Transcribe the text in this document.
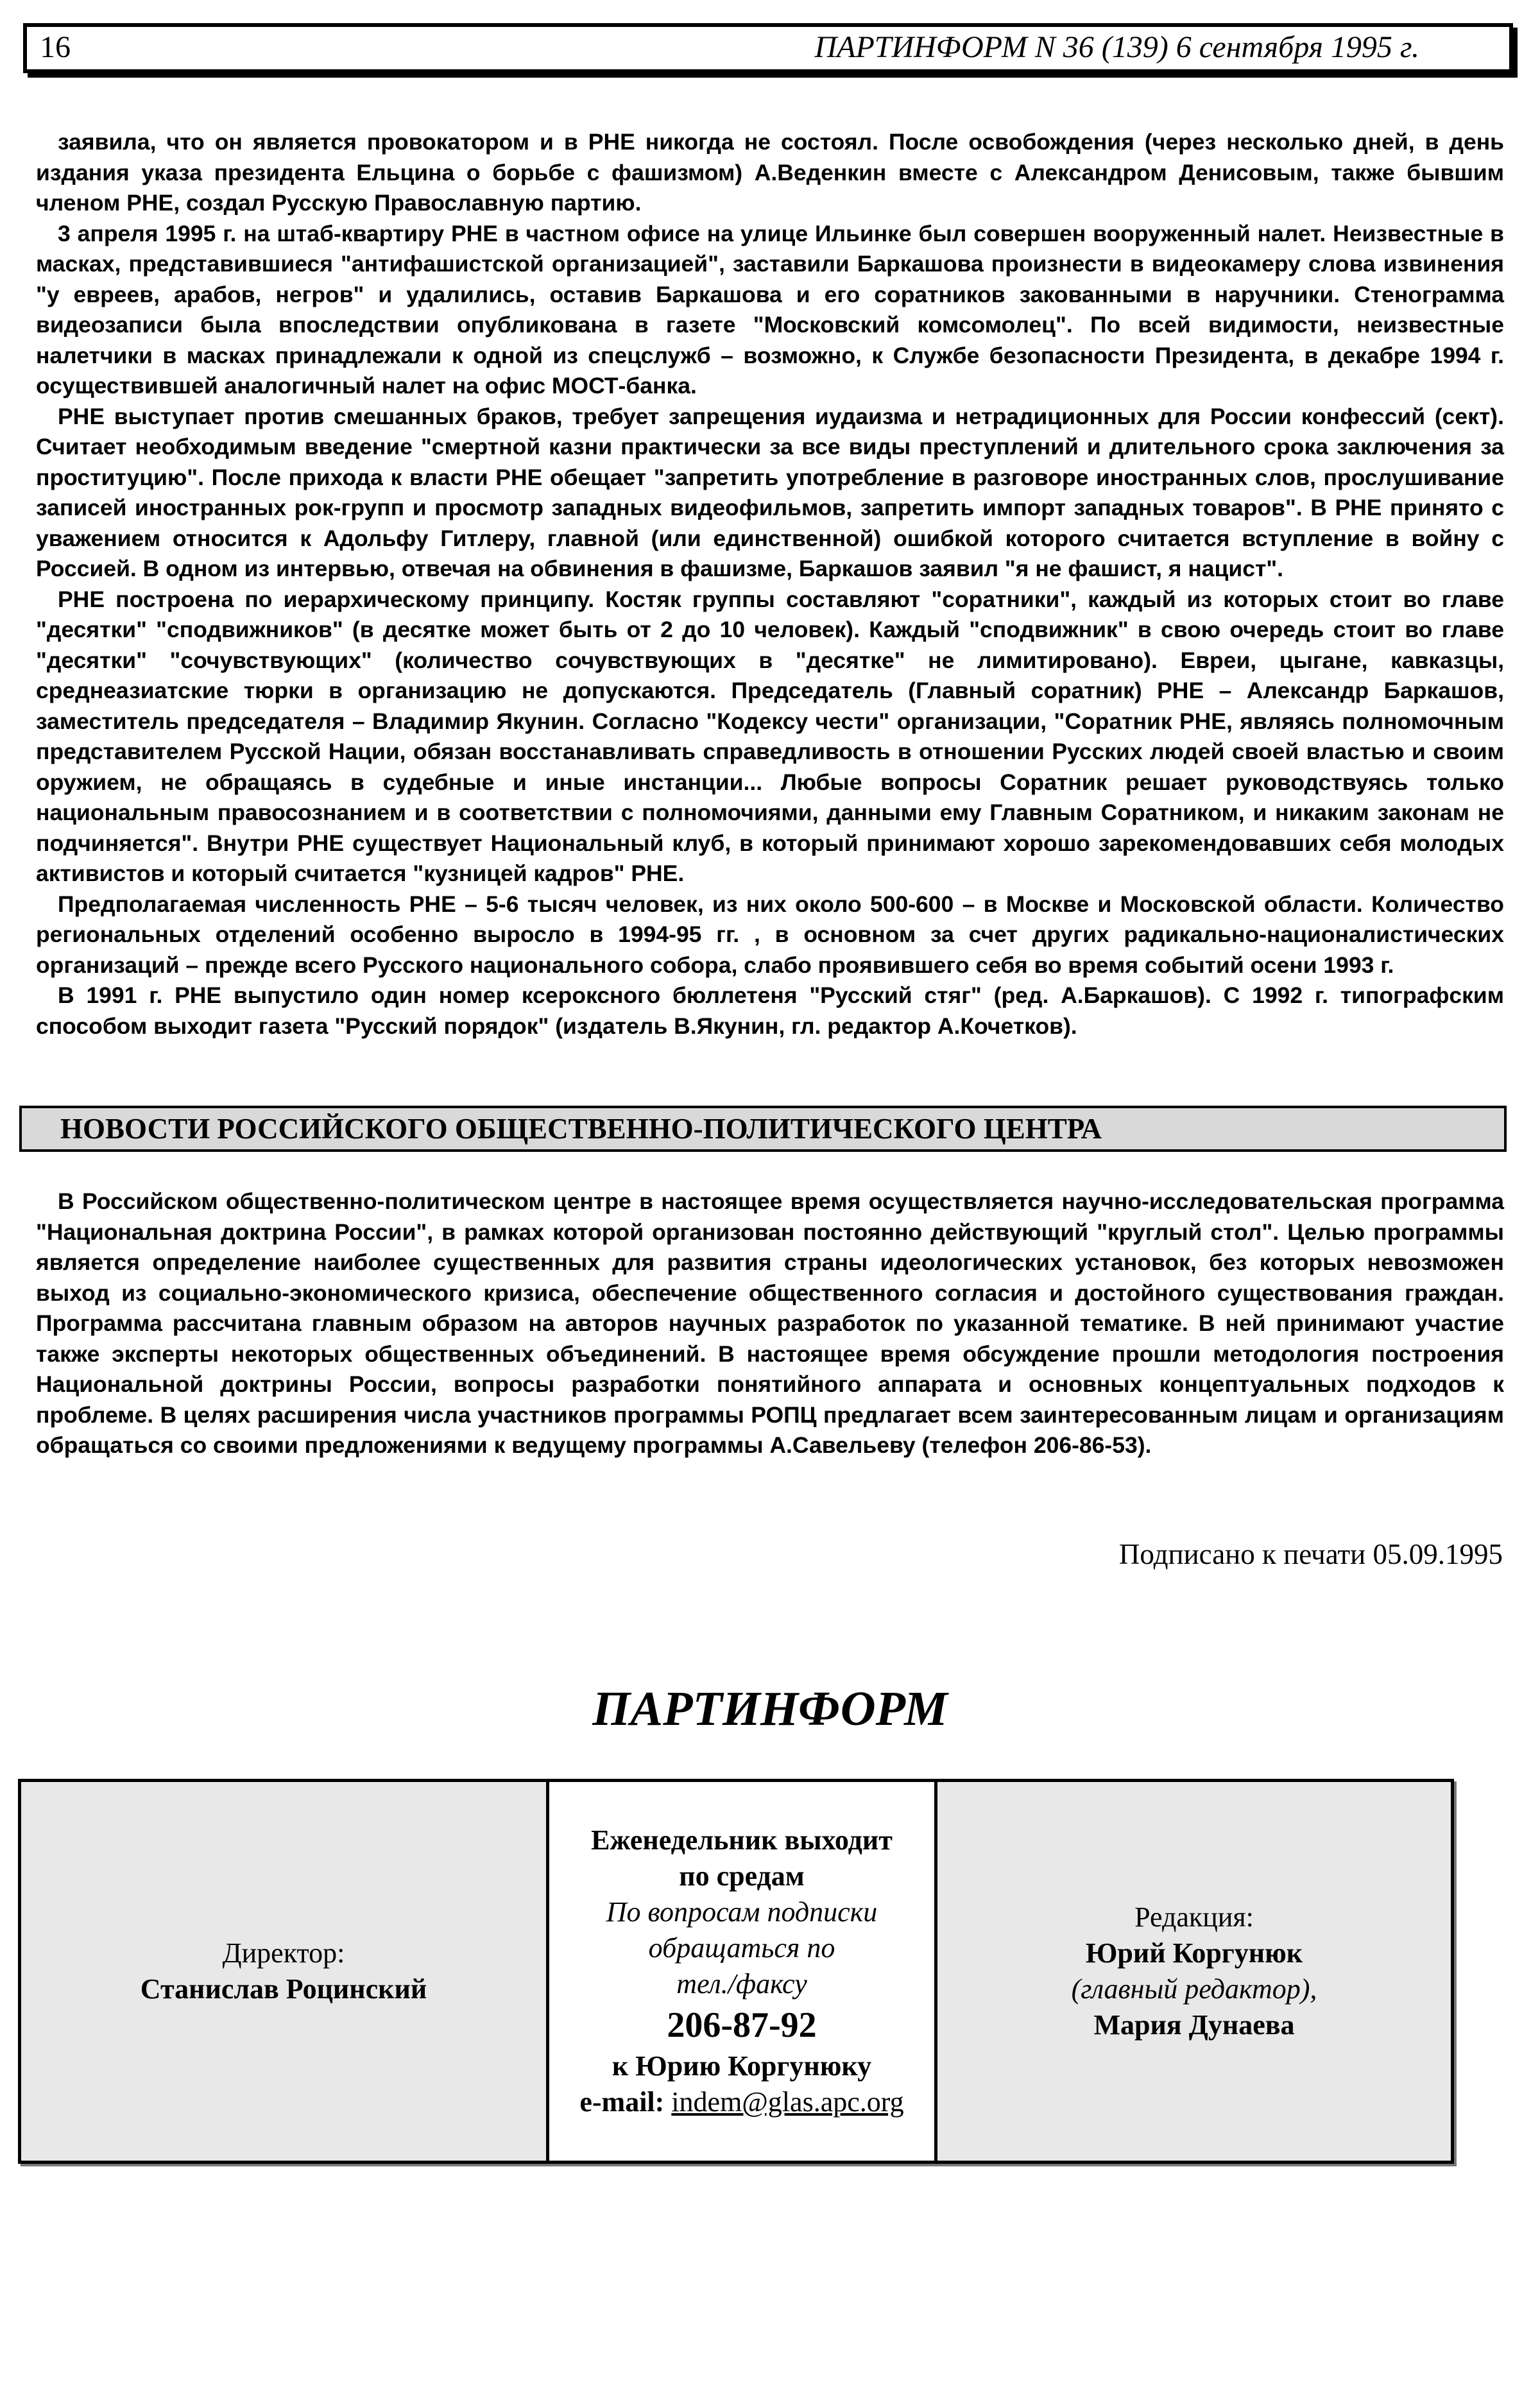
16	ПАРТИНФОРМ N 36 (139) 6 сентября 1995 г.

заявила, что он является провокатором и в РНЕ никогда не состоял. После освобождения (через несколько дней, в день издания указа президента Ельцина о борьбе с фашизмом) А.Веденкин вместе с Александром Денисовым, также бывшим членом РНЕ, создал Русскую Православную партию.

3 апреля 1995 г. на штаб-квартиру РНЕ в частном офисе на улице Ильинке был совершен вооруженный налет. Неизвестные в масках, представившиеся "антифашистской организацией", заставили Баркашова произнести в видеокамеру слова извинения "у евреев, арабов, негров" и удалились, оставив Баркашова и его соратников закованными в наручники. Стенограмма видеозаписи была впоследствии опубликована в газете "Московский комсомолец". По всей видимости, неизвестные налетчики в масках принадлежали к одной из спецслужб – возможно, к Службе безопасности Президента, в декабре 1994 г. осуществившей аналогичный налет на офис МОСТ-банка.

РНЕ выступает против смешанных браков, требует запрещения иудаизма и нетрадиционных для России конфессий (сект). Считает необходимым введение "смертной казни практически за все виды преступлений и длительного срока заключения за проституцию". После прихода к власти РНЕ обещает "запретить употребление в разговоре иностранных слов, прослушивание записей иностранных рок-групп и просмотр западных видеофильмов, запретить импорт западных товаров". В РНЕ принято с уважением относится к Адольфу Гитлеру, главной (или единственной) ошибкой которого считается вступление в войну с Россией. В одном из интервью, отвечая на обвинения в фашизме, Баркашов заявил "я не фашист, я нацист".

РНЕ построена по иерархическому принципу. Костяк группы составляют "соратники", каждый из которых стоит во главе "десятки" "сподвижников" (в десятке может быть от 2 до 10 человек). Каждый "сподвижник" в свою очередь стоит во главе "десятки" "сочувствующих" (количество сочувствующих в "десятке" не лимитировано). Евреи, цыгане, кавказцы, среднеазиатские тюрки в организацию не допускаются. Председатель (Главный соратник) РНЕ – Александр Баркашов, заместитель председателя – Владимир Якунин. Согласно "Кодексу чести" организации, "Соратник РНЕ, являясь полномочным представителем Русской Нации, обязан восстанавливать справедливость в отношении Русских людей своей властью и своим оружием, не обращаясь в судебные и иные инстанции... Любые вопросы Соратник решает руководствуясь только национальным правосознанием и в соответствии с полномочиями, данными ему Главным Соратником, и никаким законам не подчиняется". Внутри РНЕ существует Национальный клуб, в который принимают хорошо зарекомендовавших себя молодых активистов и который считается "кузницей кадров" РНЕ.

Предполагаемая численность РНЕ – 5-6 тысяч человек, из них около 500-600 – в Москве и Московской области. Количество региональных отделений особенно выросло в 1994-95 гг. , в основном за счет других радикально-националистических организаций – прежде всего Русского национального собора, слабо проявившего себя во время событий осени 1993 г.

В 1991 г. РНЕ выпустило один номер ксероксного бюллетеня "Русский стяг" (ред. А.Баркашов). С 1992 г. типографским способом выходит газета "Русский порядок" (издатель В.Якунин, гл. редактор А.Кочетков).

НОВОСТИ РОССИЙСКОГО ОБЩЕСТВЕННО-ПОЛИТИЧЕСКОГО ЦЕНТРА

В Российском общественно-политическом центре в настоящее время осуществляется научно-исследовательская программа "Национальная доктрина России", в рамках которой организован постоянно действующий "круглый стол". Целью программы является определение наиболее существенных для развития страны идеологических установок, без которых невозможен выход из социально-экономического кризиса, обеспечение общественного согласия и достойного существования граждан. Программа рассчитана главным образом на авторов научных разработок по указанной тематике. В ней принимают участие также эксперты некоторых общественных объединений. В настоящее время обсуждение прошли методология построения Национальной доктрины России, вопросы разработки понятийного аппарата и основных концептуальных подходов к проблеме. В целях расширения числа участников программы РОПЦ предлагает всем заинтересованным лицам и организациям обращаться со своими предложениями к ведущему программы А.Савельеву (телефон 206-86-53).

Подписано к печати 05.09.1995
ПАРТИНФОРМ
Директор:
Станислав Роцинский
Еженедельник выходит
по средам
По вопросам подписки
обращаться по
тел./факсу
206-87-92
к Юрию Коргунюку
e-mail: indem@glas.apc.org
Редакция:
Юрий Коргунюк
(главный редактор),
Мария Дунаева
